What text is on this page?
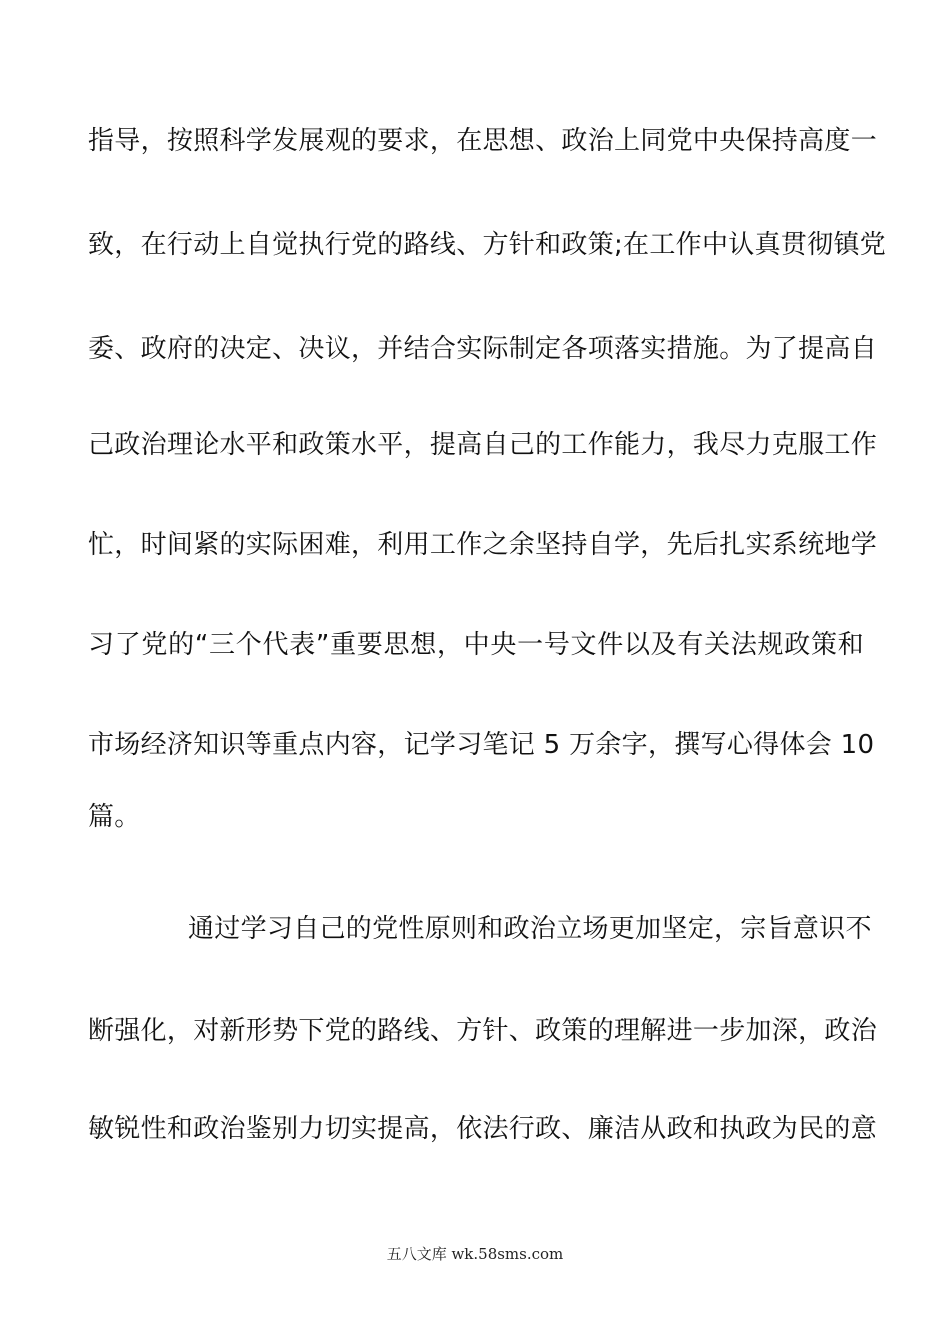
指导，按照科学发展观的要求，在思想、政治上同党中央保持高度一
致，在行动上自觉执行党的路线、方针和政策;在工作中认真贯彻镇党
委、政府的决定、决议，并结合实际制定各项落实措施。为了提高自
己政治理论水平和政策水平，提高自己的工作能力，我尽力克服工作
忙，时间紧的实际困难，利用工作之余坚持自学，先后扎实系统地学
习了党的“三个代表”重要思想，中央一号文件以及有关法规政策和
市场经济知识等重点内容，记学习笔记 5 万余字，撰写心得体会 10
篇。
通过学习自己的党性原则和政治立场更加坚定，宗旨意识不
断强化，对新形势下党的路线、方针、政策的理解进一步加深，政治
敏锐性和政治鉴别力切实提高，依法行政、廉洁从政和执政为民的意
五八文库 wk.58sms.com
